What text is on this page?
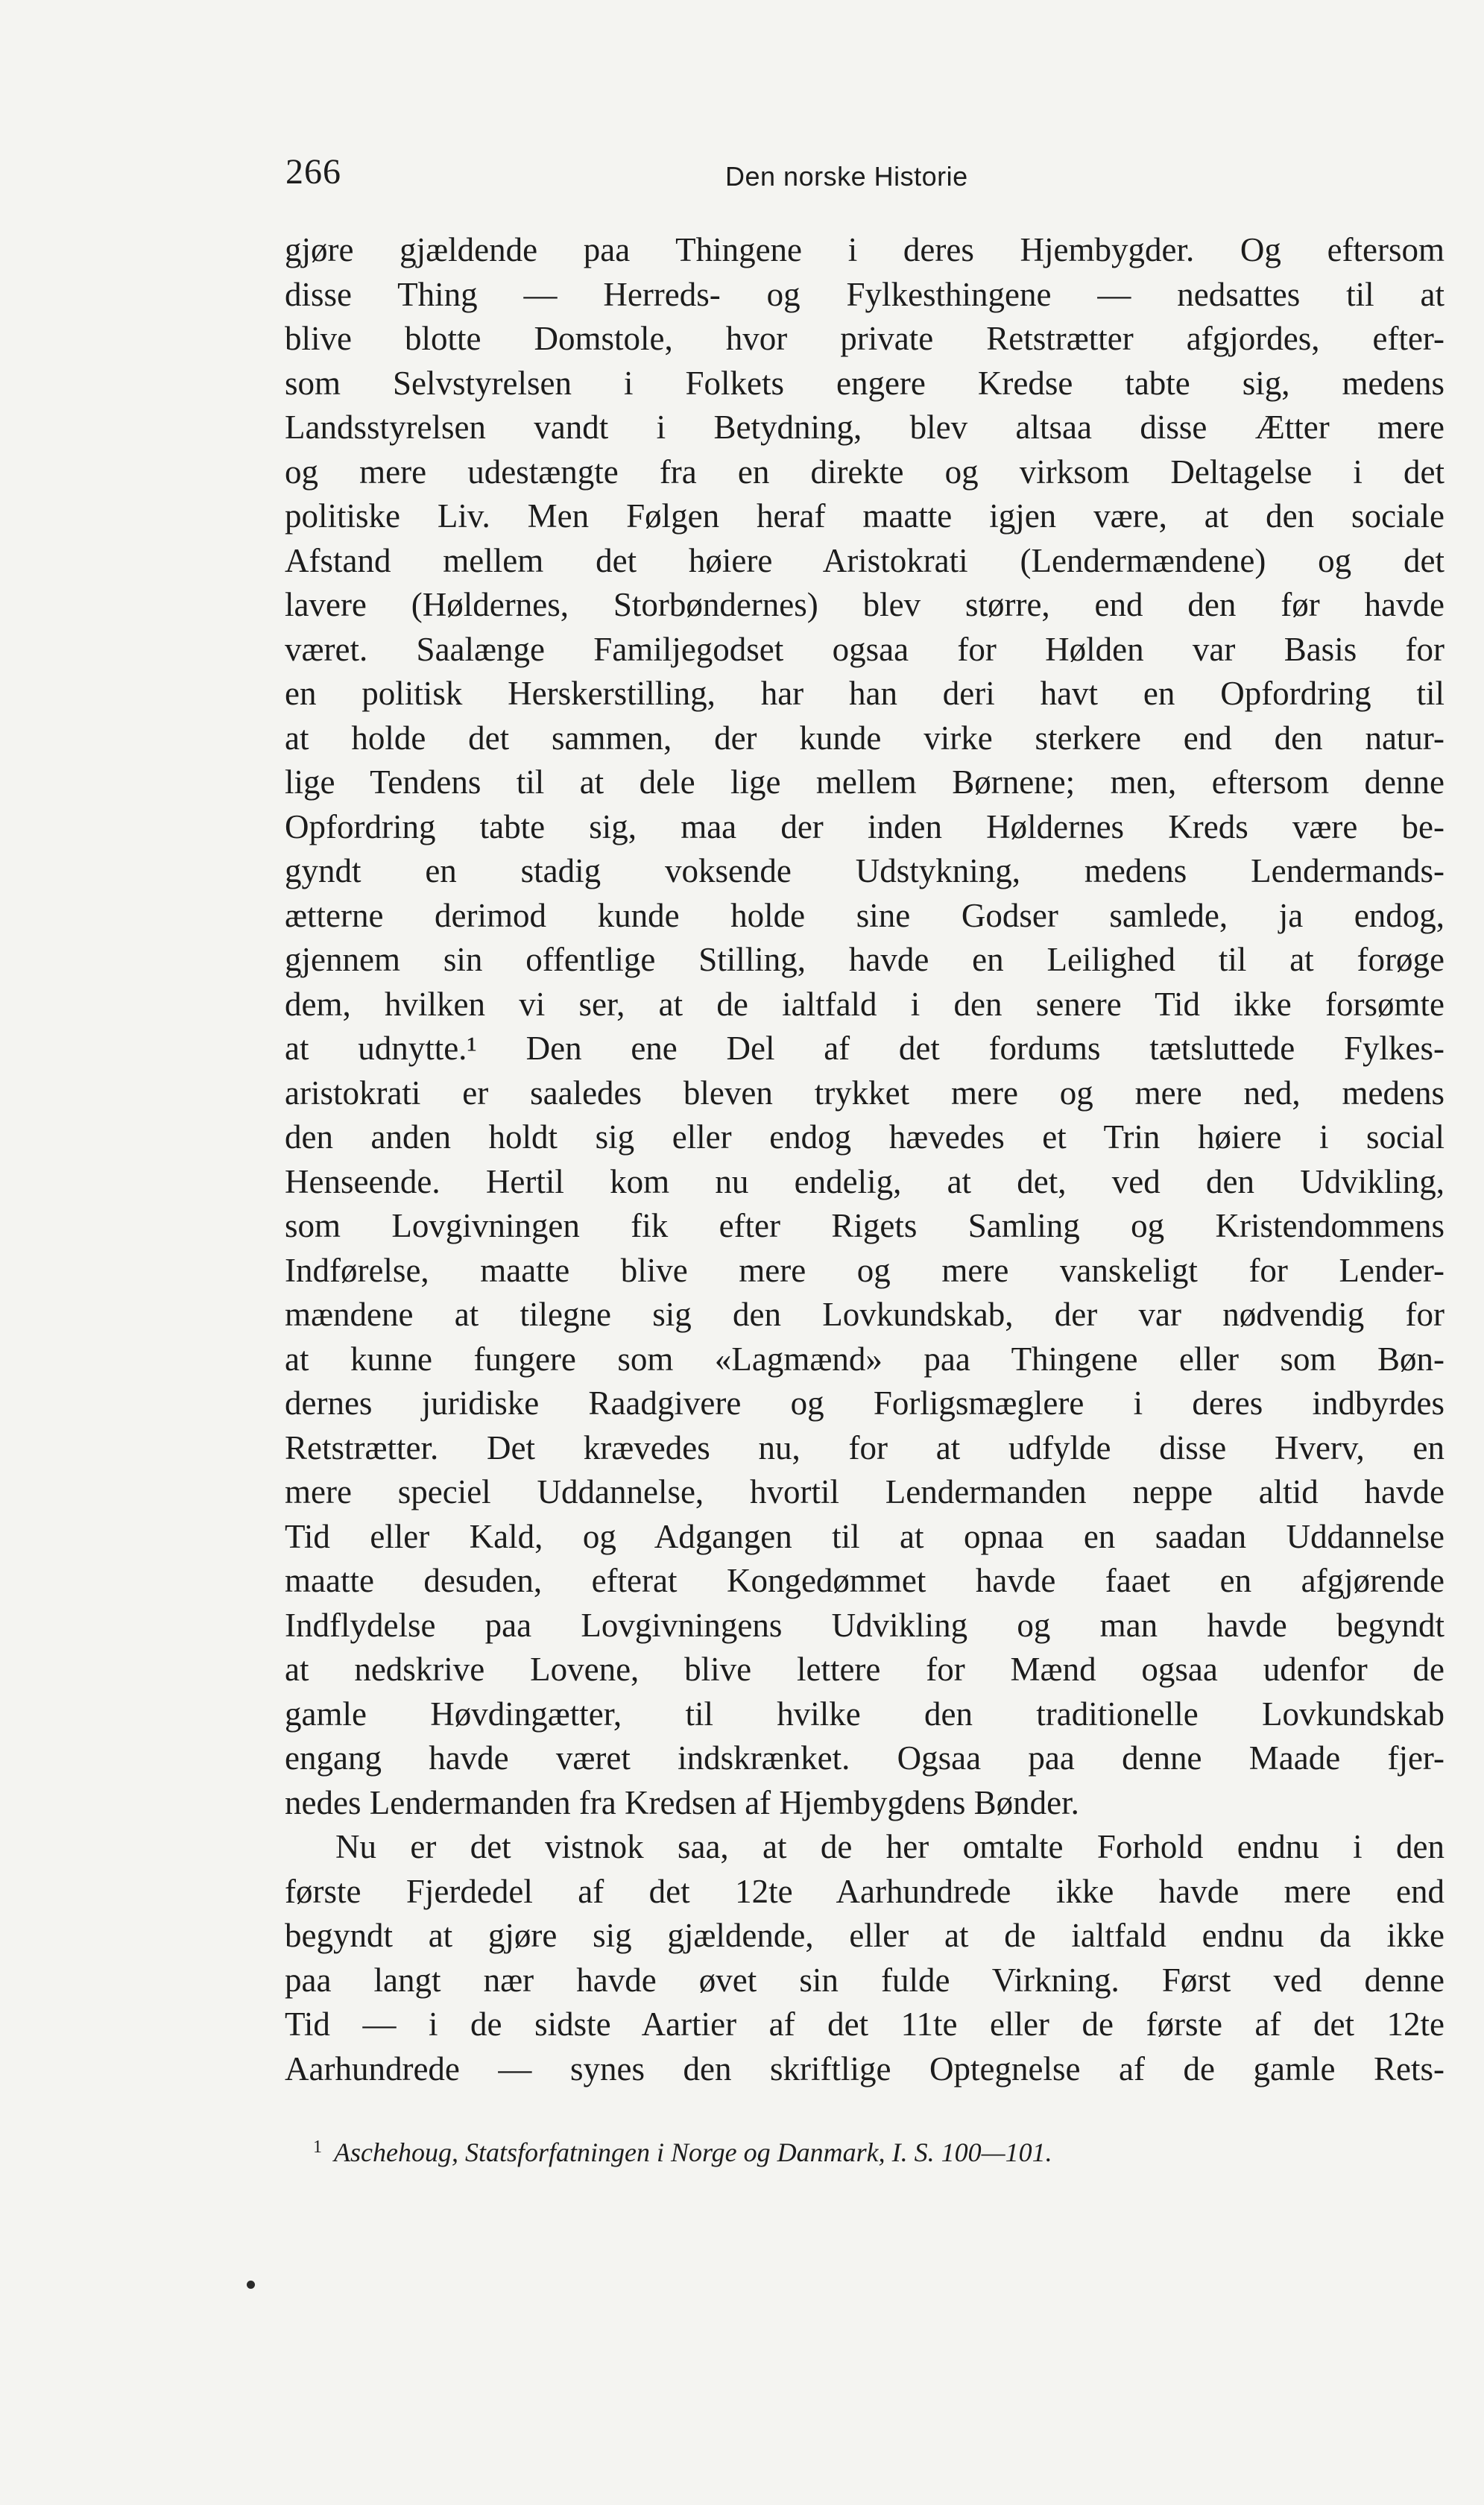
266	Den norske Historie
gjøre gjældende paa Thingene i deres Hjembygder. Og eftersom
disse Thing — Herreds- og Fylkesthingene — nedsattes til at
blive blotte Domstole, hvor private Retstrætter afgjordes, efter-
som Selvstyrelsen i Folkets engere Kredse tabte sig, medens
Landsstyrelsen vandt i Betydning, blev altsaa disse Ætter mere
og mere udestængte fra en direkte og virksom Deltagelse i det
politiske Liv. Men Følgen heraf maatte igjen være, at den sociale
Afstand mellem det høiere Aristokrati (Lendermændene) og det
lavere (Høldernes, Storbøndernes) blev større, end den før havde
været. Saalænge Familjegodset ogsaa for Hølden var Basis for
en politisk Herskerstilling, har han deri havt en Opfordring til
at holde det sammen, der kunde virke sterkere end den natur-
lige Tendens til at dele lige mellem Børnene; men, eftersom denne
Opfordring tabte sig, maa der inden Høldernes Kreds være be-
gyndt en stadig voksende Udstykning, medens Lendermands-
ætterne derimod kunde holde sine Godser samlede, ja endog,
gjennem sin offentlige Stilling, havde en Leilighed til at forøge
dem, hvilken vi ser, at de ialtfald i den senere Tid ikke forsømte
at udnytte.¹ Den ene Del af det fordums tætsluttede Fylkes-
aristokrati er saaledes bleven trykket mere og mere ned, medens
den anden holdt sig eller endog hævedes et Trin høiere i social
Henseende. Hertil kom nu endelig, at det, ved den Udvikling,
som Lovgivningen fik efter Rigets Samling og Kristendommens
Indførelse, maatte blive mere og mere vanskeligt for Lender-
mændene at tilegne sig den Lovkundskab, der var nødvendig for
at kunne fungere som «Lagmænd» paa Thingene eller som Bøn-
dernes juridiske Raadgivere og Forligsmæglere i deres indbyrdes
Retstrætter. Det krævedes nu, for at udfylde disse Hverv, en
mere speciel Uddannelse, hvortil Lendermanden neppe altid havde
Tid eller Kald, og Adgangen til at opnaa en saadan Uddannelse
maatte desuden, efterat Kongedømmet havde faaet en afgjørende
Indflydelse paa Lovgivningens Udvikling og man havde begyndt
at nedskrive Lovene, blive lettere for Mænd ogsaa udenfor de
gamle Høvdingætter, til hvilke den traditionelle Lovkundskab
engang havde været indskrænket. Ogsaa paa denne Maade fjer-
nedes Lendermanden fra Kredsen af Hjembygdens Bønder.
Nu er det vistnok saa, at de her omtalte Forhold endnu i den
første Fjerdedel af det 12te Aarhundrede ikke havde mere end
begyndt at gjøre sig gjældende, eller at de ialtfald endnu da ikke
paa langt nær havde øvet sin fulde Virkning. Først ved denne
Tid — i de sidste Aartier af det 11te eller de første af det 12te
Aarhundrede — synes den skriftlige Optegnelse af de gamle Rets-
$^1$ Aschehoug, Statsforfatningen i Norge og Danmark, I. S. 100—101.
